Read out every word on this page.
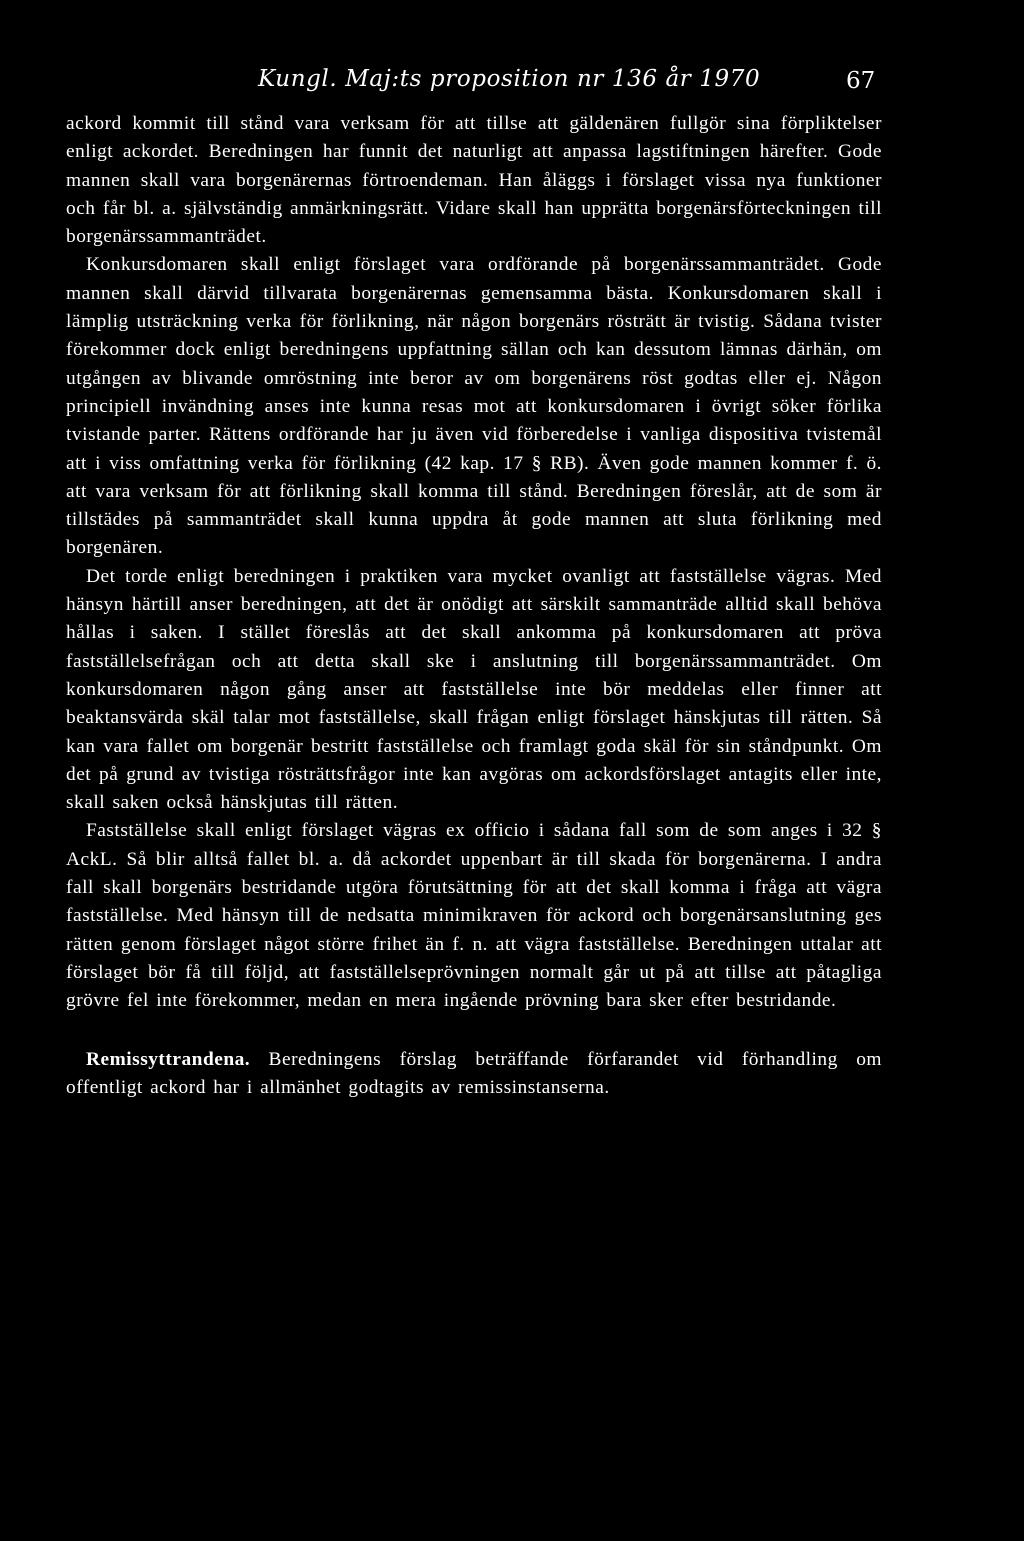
Kungl. Maj:ts proposition nr 136 år 1970	67

ackord kommit till stånd vara verksam för att tillse att gäldenären fullgör sina förpliktelser enligt ackordet. Beredningen har funnit det naturligt att anpassa lagstiftningen härefter. Gode mannen skall vara borgenärernas förtroendeman. Han åläggs i förslaget vissa nya funktioner och får bl. a. självständig anmärkningsrätt. Vidare skall han upprätta borgenärsförteckningen till borgenärssammanträdet.

Konkursdomaren skall enligt förslaget vara ordförande på borgenärssammanträdet. Gode mannen skall därvid tillvarata borgenärernas gemensamma bästa. Konkursdomaren skall i lämplig utsträckning verka för förlikning, när någon borgenärs rösträtt är tvistig. Sådana tvister förekommer dock enligt beredningens uppfattning sällan och kan dessutom lämnas därhän, om utgången av blivande omröstning inte beror av om borgenärens röst godtas eller ej. Någon principiell invändning anses inte kunna resas mot att konkursdomaren i övrigt söker förlika tvistande parter. Rättens ordförande har ju även vid förberedelse i vanliga dispositiva tvistemål att i viss omfattning verka för förlikning (42 kap. 17 § RB). Även gode mannen kommer f. ö. att vara verksam för att förlikning skall komma till stånd. Beredningen föreslår, att de som är tillstädes på sammanträdet skall kunna uppdra åt gode mannen att sluta förlikning med borgenären.

Det torde enligt beredningen i praktiken vara mycket ovanligt att fastställelse vägras. Med hänsyn härtill anser beredningen, att det är onödigt att särskilt sammanträde alltid skall behöva hållas i saken. I stället föreslås att det skall ankomma på konkursdomaren att pröva fastställelsefrågan och att detta skall ske i anslutning till borgenärssammanträdet. Om konkursdomaren någon gång anser att fastställelse inte bör meddelas eller finner att beaktansvärda skäl talar mot fastställelse, skall frågan enligt förslaget hänskjutas till rätten. Så kan vara fallet om borgenär bestritt fastställelse och framlagt goda skäl för sin ståndpunkt. Om det på grund av tvistiga rösträttsfrågor inte kan avgöras om ackordsförslaget antagits eller inte, skall saken också hänskjutas till rätten.

Fastställelse skall enligt förslaget vägras ex officio i sådana fall som de som anges i 32 § AckL. Så blir alltså fallet bl. a. då ackordet uppenbart är till skada för borgenärerna. I andra fall skall borgenärs bestridande utgöra förutsättning för att det skall komma i fråga att vägra fastställelse. Med hänsyn till de nedsatta minimikraven för ackord och borgenärsanslutning ges rätten genom förslaget något större frihet än f. n. att vägra fastställelse. Beredningen uttalar att förslaget bör få till följd, att fastställelseprövningen normalt går ut på att tillse att påtagliga grövre fel inte förekommer, medan en mera ingående prövning bara sker efter bestridande.

Remissyttrandena. Beredningens förslag beträffande förfarandet vid förhandling om offentligt ackord har i allmänhet godtagits av remissinstanserna.
